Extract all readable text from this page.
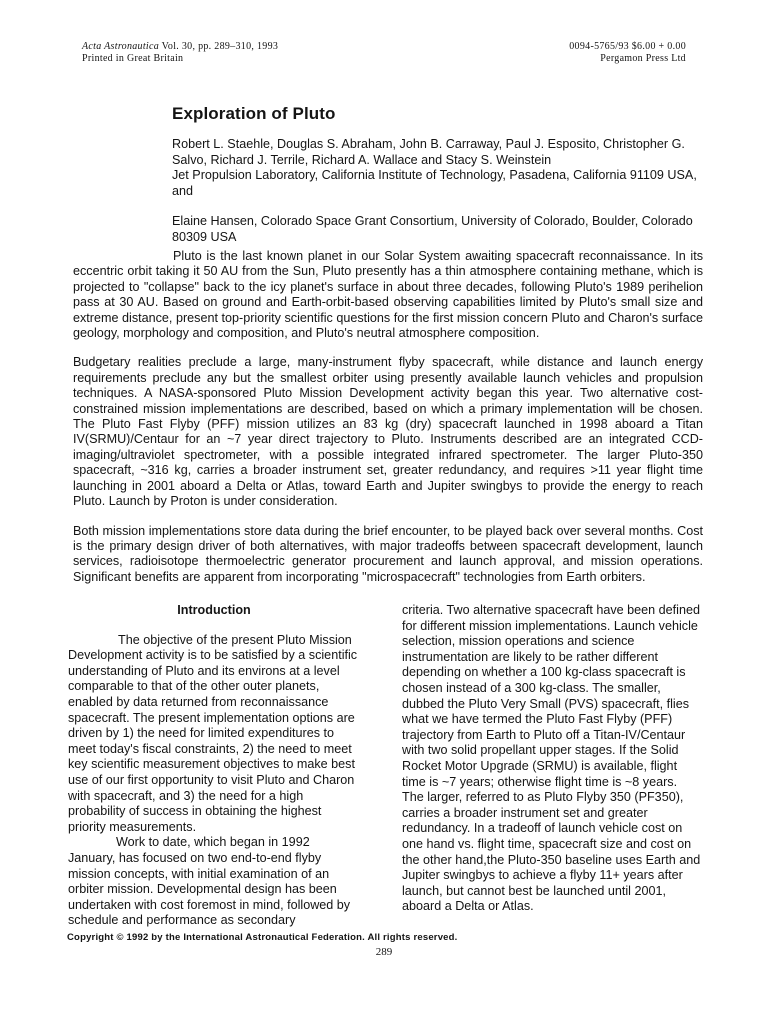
Acta Astronautica Vol. 30, pp. 289–310, 1993
Printed in Great Britain
0094-5765/93 $6.00 + 0.00
Pergamon Press Ltd
Exploration of Pluto

Robert L. Staehle, Douglas S. Abraham, John B. Carraway, Paul J. Esposito, Christopher G. Salvo, Richard J. Terrile, Richard A. Wallace and Stacy S. Weinstein

Jet Propulsion Laboratory, California Institute of Technology, Pasadena, California 91109 USA, and

Elaine Hansen, Colorado Space Grant Consortium, University of Colorado, Boulder, Colorado 80309 USA

Pluto is the last known planet in our Solar System awaiting spacecraft reconnaissance. In its eccentric orbit taking it 50 AU from the Sun, Pluto presently has a thin atmosphere containing methane, which is projected to "collapse" back to the icy planet's surface in about three decades, following Pluto's 1989 perihelion pass at 30 AU. Based on ground and Earth-orbit-based observing capabilities limited by Pluto's small size and extreme distance, present top-priority scientific questions for the first mission concern Pluto and Charon's surface geology, morphology and composition, and Pluto's neutral atmosphere composition.

Budgetary realities preclude a large, many-instrument flyby spacecraft, while distance and launch energy requirements preclude any but the smallest orbiter using presently available launch vehicles and propulsion techniques. A NASA-sponsored Pluto Mission Development activity began this year. Two alternative cost-constrained mission implementations are described, based on which a primary implementation will be chosen. The Pluto Fast Flyby (PFF) mission utilizes an 83 kg (dry) spacecraft launched in 1998 aboard a Titan IV(SRMU)/Centaur for an ~7 year direct trajectory to Pluto. Instruments described are an integrated CCD-imaging/ultraviolet spectrometer, with a possible integrated infrared spectrometer. The larger Pluto-350 spacecraft, ~316 kg, carries a broader instrument set, greater redundancy, and requires >11 year flight time launching in 2001 aboard a Delta or Atlas, toward Earth and Jupiter swingbys to provide the energy to reach Pluto. Launch by Proton is under consideration.

Both mission implementations store data during the brief encounter, to be played back over several months. Cost is the primary design driver of both alternatives, with major tradeoffs between spacecraft development, launch services, radioisotope thermoelectric generator procurement and launch approval, and mission operations. Significant benefits are apparent from incorporating "microspacecraft" technologies from Earth orbiters.

Introduction

The objective of the present Pluto Mission Development activity is to be satisfied by a scientific understanding of Pluto and its environs at a level comparable to that of the other outer planets, enabled by data returned from reconnaissance spacecraft. The present implementation options are driven by 1) the need for limited expenditures to meet today's fiscal constraints, 2) the need to meet key scientific measurement objectives to make best use of our first opportunity to visit Pluto and Charon with spacecraft, and 3) the need for a high probability of success in obtaining the highest priority measurements.

Work to date, which began in 1992 January, has focused on two end-to-end flyby mission concepts, with initial examination of an orbiter mission. Developmental design has been undertaken with cost foremost in mind, followed by schedule and performance as secondary

criteria. Two alternative spacecraft have been defined for different mission implementations. Launch vehicle selection, mission operations and science instrumentation are likely to be rather different depending on whether a 100 kg-class spacecraft is chosen instead of a 300 kg-class. The smaller, dubbed the Pluto Very Small (PVS) spacecraft, flies what we have termed the Pluto Fast Flyby (PFF) trajectory from Earth to Pluto off a Titan-IV/Centaur with two solid propellant upper stages. If the Solid Rocket Motor Upgrade (SRMU) is available, flight time is ~7 years; otherwise flight time is ~8 years. The larger, referred to as Pluto Flyby 350 (PF350), carries a broader instrument set and greater redundancy. In a tradeoff of launch vehicle cost on one hand vs. flight time, spacecraft size and cost on the other hand,the Pluto-350 baseline uses Earth and Jupiter swingbys to achieve a flyby 11+ years after launch, but cannot best be launched until 2001, aboard a Delta or Atlas.

Copyright © 1992 by the International Astronautical Federation. All rights reserved.
289
